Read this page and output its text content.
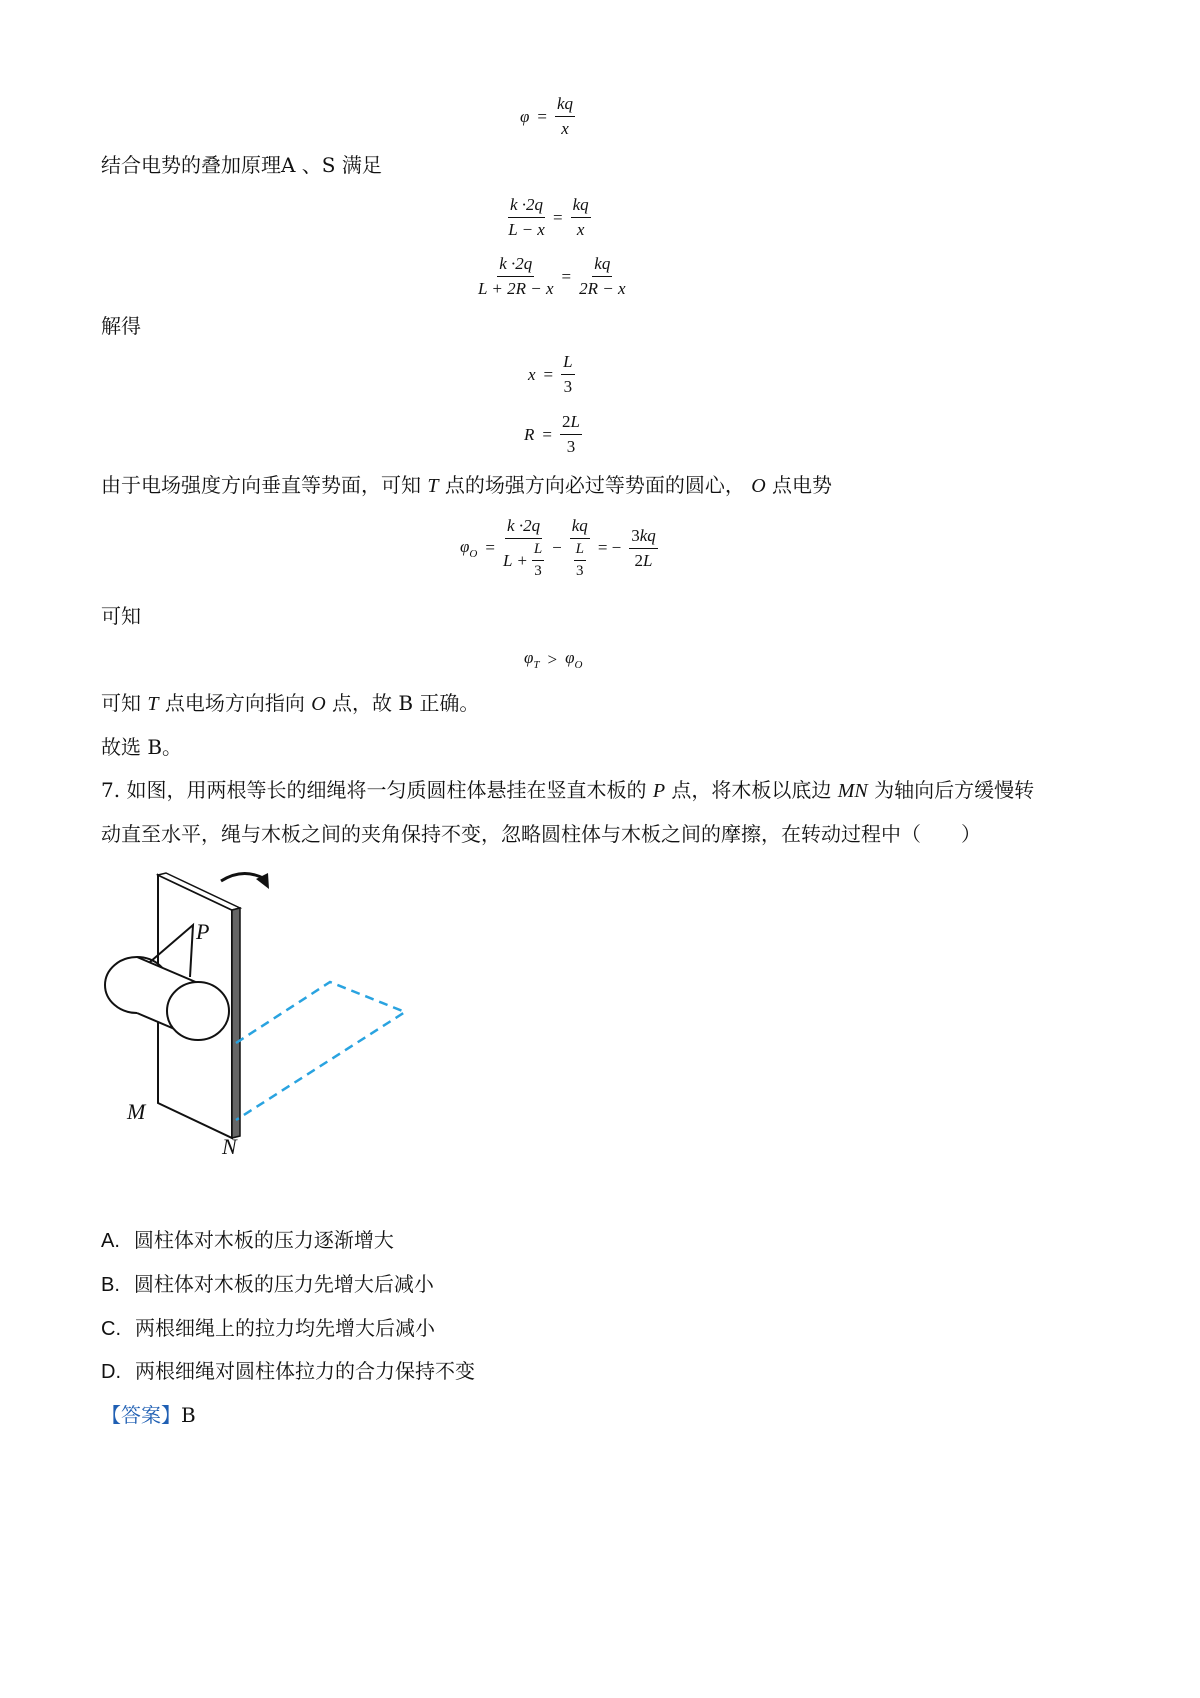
$\varphi = \frac{kq}{x}$
结合电势的叠加原理A 、S 满足
$\frac{k \cdot 2q}{L - x} = \frac{kq}{x}$
$\frac{k \cdot 2q}{L + 2R - x} = \frac{kq}{2R - x}$
解得
$x = \frac{L}{3}$
$R = \frac{2L}{3}$
由于电场强度方向垂直等势面，可知 T 点的场强方向必过等势面的圆心， O 点电势
$\varphi_O = \frac{k \cdot 2q}{L + \frac{L}{3}} - \frac{kq}{\frac{L}{3}}$ = − $\frac{3kq}{2L}$
可知
$\varphi_T > \varphi_O$
可知 T 点电场方向指向 O 点，故 B 正确。
故选 B。
7. 如图，用两根等长的细绳将一匀质圆柱体悬挂在竖直木板的 P 点，将木板以底边 MN 为轴向后方缓慢转
动直至水平，绳与木板之间的夹角保持不变，忽略圆柱体与木板之间的摩擦，在转动过程中（　　）
P
M
N
A. 圆柱体对木板的压力逐渐增大
B. 圆柱体对木板的压力先增大后减小
C. 两根细绳上的拉力均先增大后减小
D. 两根细绳对圆柱体拉力的合力保持不变
【答案】B
